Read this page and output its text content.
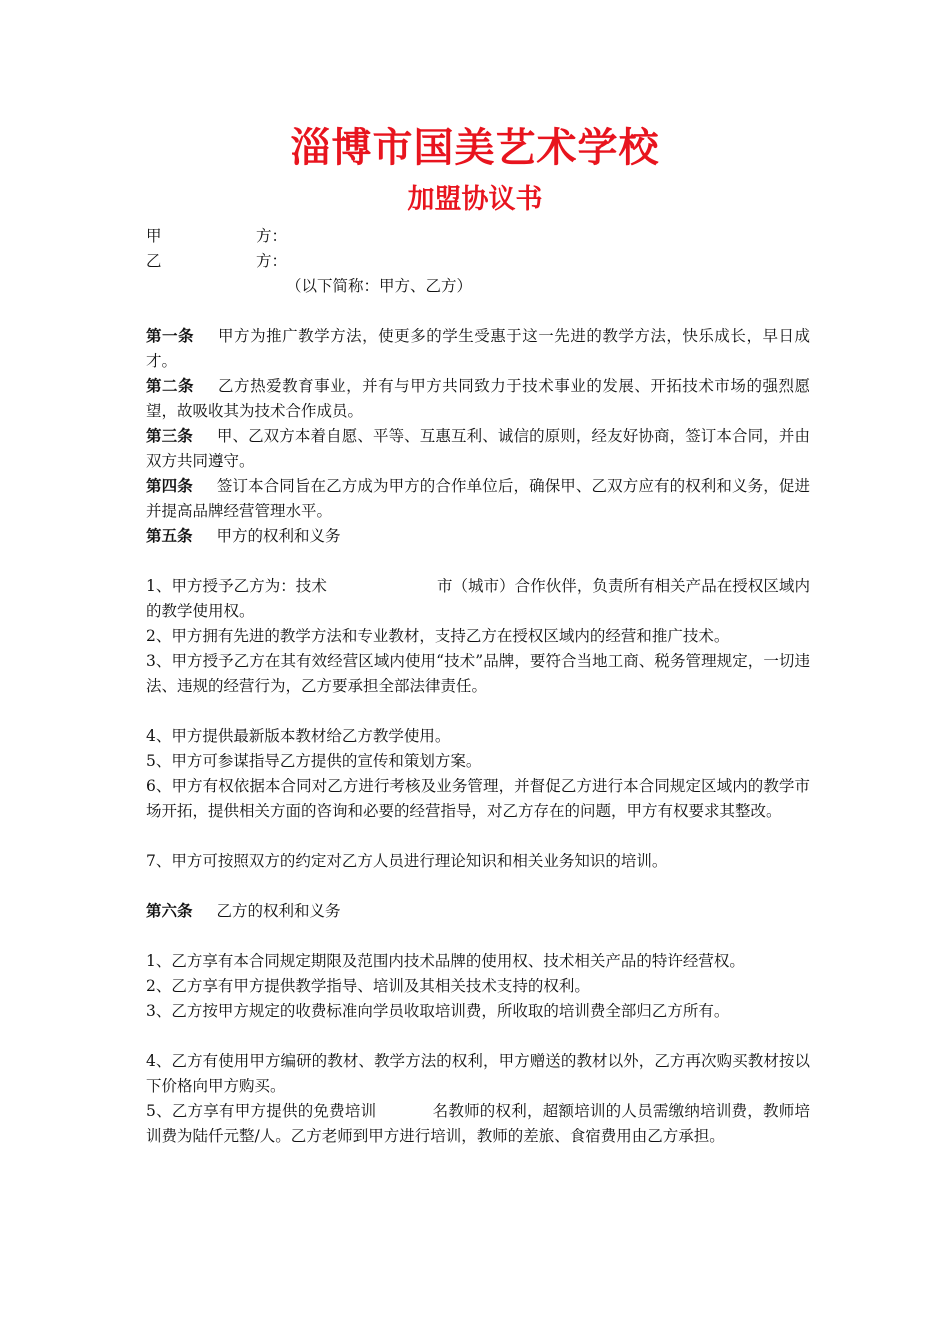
淄博市国美艺术学校
加盟协议书
甲	方：
乙	方：
（以下简称：甲方、乙方）

第一条 甲方为推广教学方法，使更多的学生受惠于这一先进的教学方法，快乐成长，早日成才。

第二条 乙方热爱教育事业，并有与甲方共同致力于技术事业的发展、开拓技术市场的强烈愿望，故吸收其为技术合作成员。

第三条 甲、乙双方本着自愿、平等、互惠互利、诚信的原则，经友好协商，签订本合同，并由双方共同遵守。

第四条 签订本合同旨在乙方成为甲方的合作单位后，确保甲、乙双方应有的权利和义务，促进并提高品牌经营管理水平。

第五条 甲方的权利和义务

1、甲方授予乙方为：技术	市（城市）合作伙伴，负责所有相关产品在授权区域内的教学使用权。

2、甲方拥有先进的教学方法和专业教材，支持乙方在授权区域内的经营和推广技术。

3、甲方授予乙方在其有效经营区域内使用“技术”品牌，要符合当地工商、税务管理规定，一切违法、违规的经营行为，乙方要承担全部法律责任。

4、甲方提供最新版本教材给乙方教学使用。

5、甲方可参谋指导乙方提供的宣传和策划方案。

6、甲方有权依据本合同对乙方进行考核及业务管理，并督促乙方进行本合同规定区域内的教学市场开拓，提供相关方面的咨询和必要的经营指导，对乙方存在的问题，甲方有权要求其整改。

7、甲方可按照双方的约定对乙方人员进行理论知识和相关业务知识的培训。

第六条 乙方的权利和义务

1、乙方享有本合同规定期限及范围内技术品牌的使用权、技术相关产品的特许经营权。

2、乙方享有甲方提供教学指导、培训及其相关技术支持的权利。

3、乙方按甲方规定的收费标准向学员收取培训费，所收取的培训费全部归乙方所有。

4、乙方有使用甲方编研的教材、教学方法的权利，甲方赠送的教材以外，乙方再次购买教材按以下价格向甲方购买。

5、乙方享有甲方提供的免费培训	名教师的权利，超额培训的人员需缴纳培训费，教师培训费为陆仟元整/人。乙方老师到甲方进行培训，教师的差旅、食宿费用由乙方承担。
